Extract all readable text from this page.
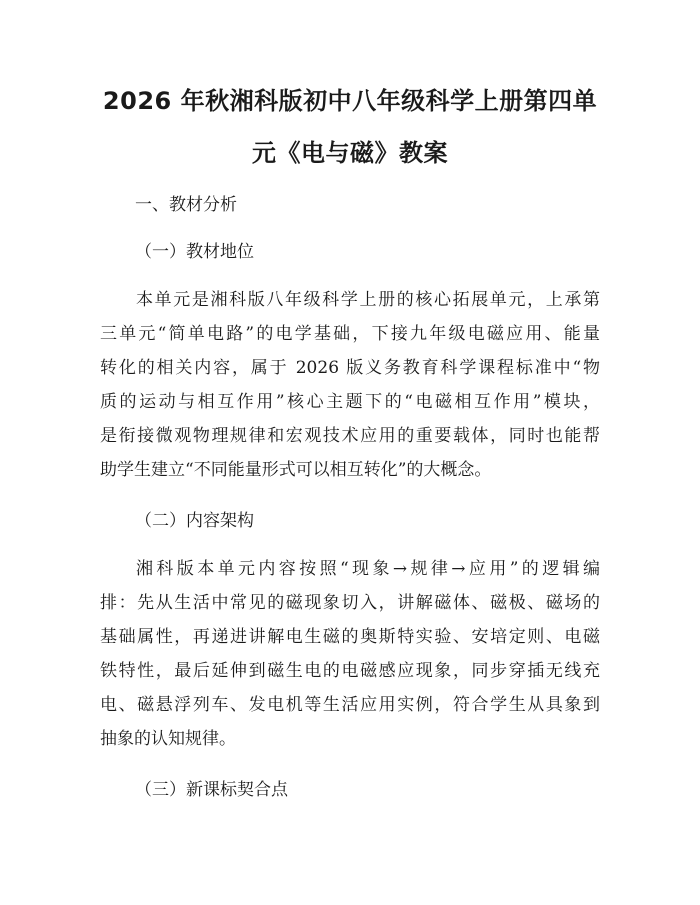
2026 年秋湘科版初中八年级科学上册第四单
元《电与磁》教案
一、教材分析
（一）教材地位
本单元是湘科版八年级科学上册的核心拓展单元，上承第
三单元“简单电路”的电学基础，下接九年级电磁应用、能量
转化的相关内容，属于 2026 版义务教育科学课程标准中“物
质的运动与相互作用”核心主题下的“电磁相互作用”模块，
是衔接微观物理规律和宏观技术应用的重要载体，同时也能帮
助学生建立“不同能量形式可以相互转化”的大概念。
（二）内容架构
湘科版本单元内容按照“现象→规律→应用”的逻辑编
排：先从生活中常见的磁现象切入，讲解磁体、磁极、磁场的
基础属性，再递进讲解电生磁的奥斯特实验、安培定则、电磁
铁特性，最后延伸到磁生电的电磁感应现象，同步穿插无线充
电、磁悬浮列车、发电机等生活应用实例，符合学生从具象到
抽象的认知规律。
（三）新课标契合点
